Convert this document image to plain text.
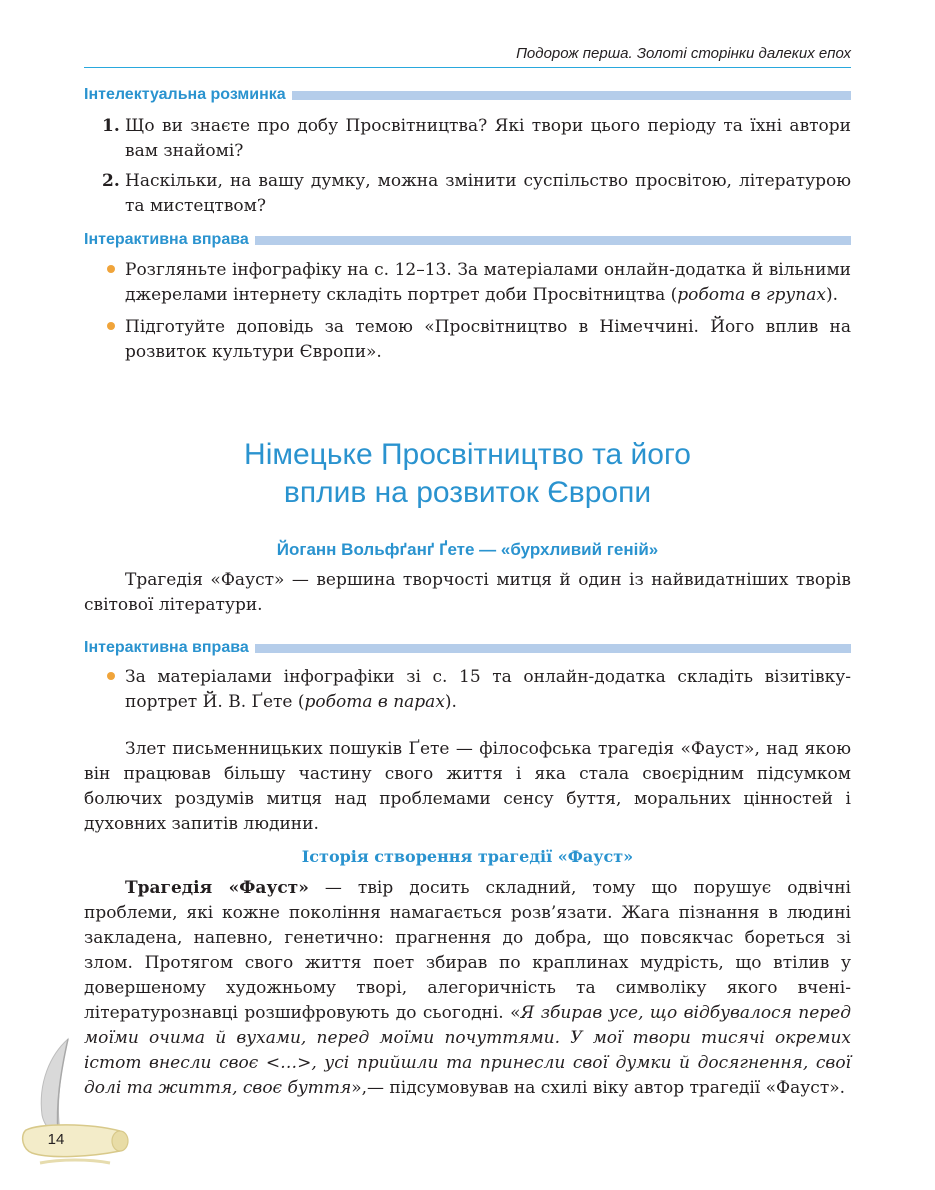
Подорож перша. Золоті сторінки далеких епох
Інтелектуальна розминка
1. Що ви знаєте про добу Просвітництва? Які твори цього періоду та їхні автори вам знайомі?
2. Наскільки, на вашу думку, можна змінити суспільство просвітою, літературою та мистецтвом?
Інтерактивна вправа
Розгляньте інфографіку на с. 12–13. За матеріалами онлайн-додатка й вільними джерелами інтернету складіть портрет доби Просвітництва (робота в групах).
Підготуйте доповідь за темою «Просвітництво в Німеччині. Його вплив на розвиток культури Європи».
Німецьке Просвітництво та його
вплив на розвиток Європи
Йоганн Вольфґанґ Ґете — «бурхливий геній»

Трагедія «Фауст» — вершина творчості митця й один із найвидатніших творів світової літератури.

Інтерактивна вправа
За матеріалами інфографіки зі с. 15 та онлайн-додатка складіть візитівку-портрет Й. В. Ґете (робота в парах).

Злет письменницьких пошуків Ґете — філософська трагедія «Фауст», над якою він працював більшу частину свого життя і яка стала своєрідним підсумком болючих роздумів митця над проблемами сенсу буття, моральних цінностей і духовних запитів людини.

Історія створення трагедії «Фауст»

Трагедія «Фауст» — твір досить складний, тому що порушує одвічні проблеми, які кожне покоління намагається розв’язати. Жага пізнання в людині закладена, напевно, генетично: прагнення до добра, що повсякчас бореться зі злом. Протягом свого життя поет збирав по краплинах мудрість, що втілив у довершеному художньому творі, алегоричність та символіку якого вчені-літературознавці розшифровують до сьогодні. «Я збирав усе, що відбувалося перед моїми очима й вухами, перед моїми почуттями. У мої твори тисячі окремих істот внесли своє <…>, усі прийшли та принесли свої думки й досягнення, свої долі та життя, своє буття»,— підсумовував на схилі віку автор трагедії «Фауст».

14
